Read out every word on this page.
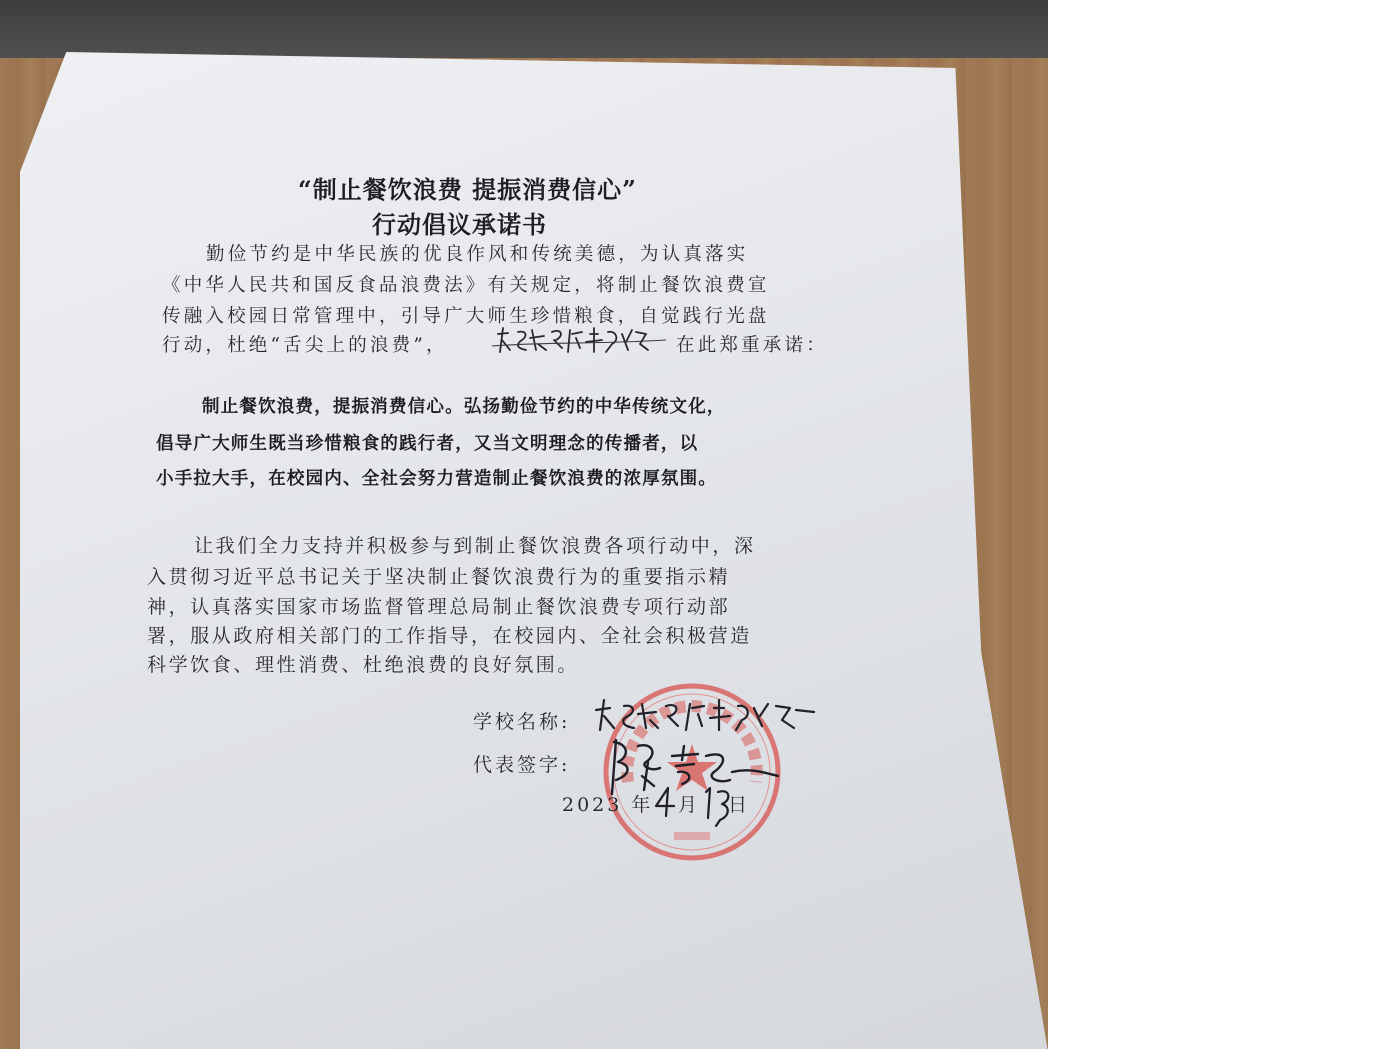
“制止餐饮浪费 提振消费信心”
行动倡议承诺书
勤俭节约是中华民族的优良作风和传统美德，为认真落实
《中华人民共和国反食品浪费法》有关规定，将制止餐饮浪费宣
传融入校园日常管理中，引导广大师生珍惜粮食，自觉践行光盘
行动，杜绝“舌尖上的浪费”，	在此郑重承诺：
制止餐饮浪费，提振消费信心。弘扬勤俭节约的中华传统文化，
倡导广大师生既当珍惜粮食的践行者，又当文明理念的传播者，以
小手拉大手，在校园内、全社会努力营造制止餐饮浪费的浓厚氛围。
让我们全力支持并积极参与到制止餐饮浪费各项行动中，深
入贯彻习近平总书记关于坚决制止餐饮浪费行为的重要指示精
神，认真落实国家市场监督管理总局制止餐饮浪费专项行动部
署，服从政府相关部门的工作指导，在校园内、全社会积极营造
科学饮食、理性消费、杜绝浪费的良好氛围。
学校名称:
代表签字:
2023 年 月 日
